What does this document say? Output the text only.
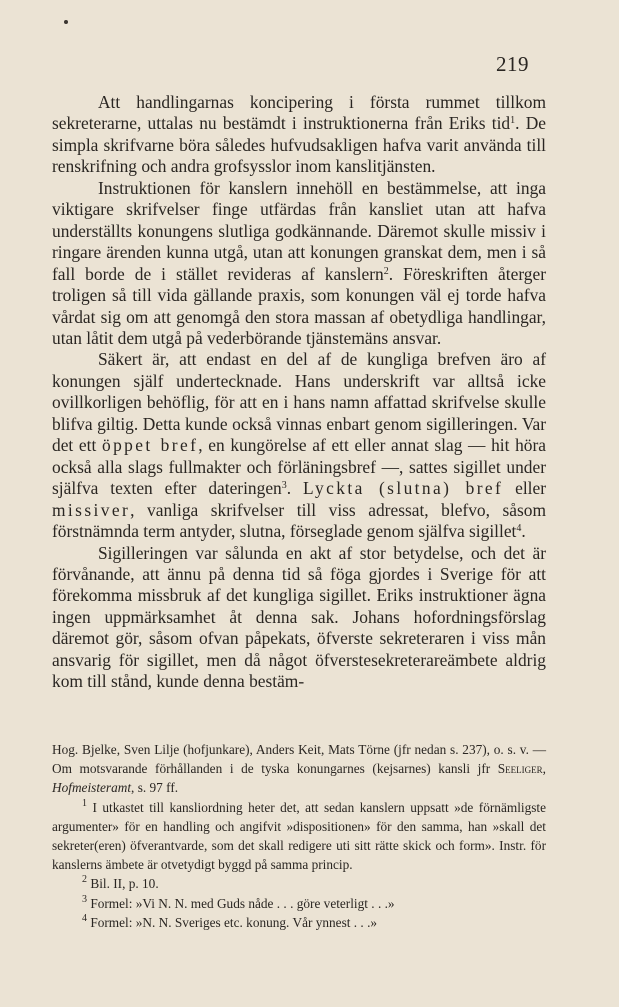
219

Att handlingarnas koncipering i första rummet tillkom sekreterarne, uttalas nu bestämdt i instruktionerna från Eriks tid$^1$. De simpla skrifvarne böra således hufvudsakligen hafva varit använda till renskrifning och andra grofsysslor inom kanslitjänsten.

Instruktionen för kanslern innehöll en bestämmelse, att inga viktigare skrifvelser finge utfärdas från kansliet utan att hafva underställts konungens slutliga godkännande. Däremot skulle missiv i ringare ärenden kunna utgå, utan att konungen granskat dem, men i så fall borde de i stället revideras af kanslern$^2$. Föreskriften återger troligen så till vida gällande praxis, som konungen väl ej torde hafva vårdat sig om att genomgå den stora massan af obetydliga handlingar, utan låtit dem utgå på vederbörande tjänstemäns ansvar.

Säkert är, att endast en del af de kungliga brefven äro af konungen själf undertecknade. Hans underskrift var alltså icke ovillkorligen behöflig, för att en i hans namn affattad skrifvelse skulle blifva giltig. Detta kunde också vinnas enbart genom sigilleringen. Var det ett öppet bref, en kungörelse af ett eller annat slag — hit höra också alla slags fullmakter och förläningsbref —, sattes sigillet under själfva texten efter dateringen$^3$. Lyckta (slutna) bref eller missiver, vanliga skrifvelser till viss adressat, blefvo, såsom förstnämnda term antyder, slutna, förseglade genom själfva sigillet$^4$.

Sigilleringen var sålunda en akt af stor betydelse, och det är förvånande, att ännu på denna tid så föga gjordes i Sverige för att förekomma missbruk af det kungliga sigillet. Eriks instruktioner ägna ingen uppmärksamhet åt denna sak. Johans hofordningsförslag däremot gör, såsom ofvan påpekats, öfverste sekreteraren i viss mån ansvarig för sigillet, men då något öfverstesekreterareämbete aldrig kom till stånd, kunde denna bestäm-

Hog. Bjelke, Sven Lilje (hofjunkare), Anders Keit, Mats Törne (jfr nedan s. 237), o. s. v. — Om motsvarande förhållanden i de tyska konungarnes (kejsarnes) kansli jfr Seeliger, Hofmeisteramt, s. 97 ff.

$^1$ I utkastet till kansliordning heter det, att sedan kanslern uppsatt »de förnämligste argumenter» för en handling och angifvit »dispositionen» för den samma, han »skall det sekreter(eren) öfverantvarde, som det skall redigere uti sitt rätte skick och form». Instr. för kanslerns ämbete är otvetydigt byggd på samma princip.

$^2$ Bil. II, p. 10.

$^3$ Formel: »Vi N. N. med Guds nåde . . . göre veterligt . . .»

$^4$ Formel: »N. N. Sveriges etc. konung. Vår ynnest . . .»
